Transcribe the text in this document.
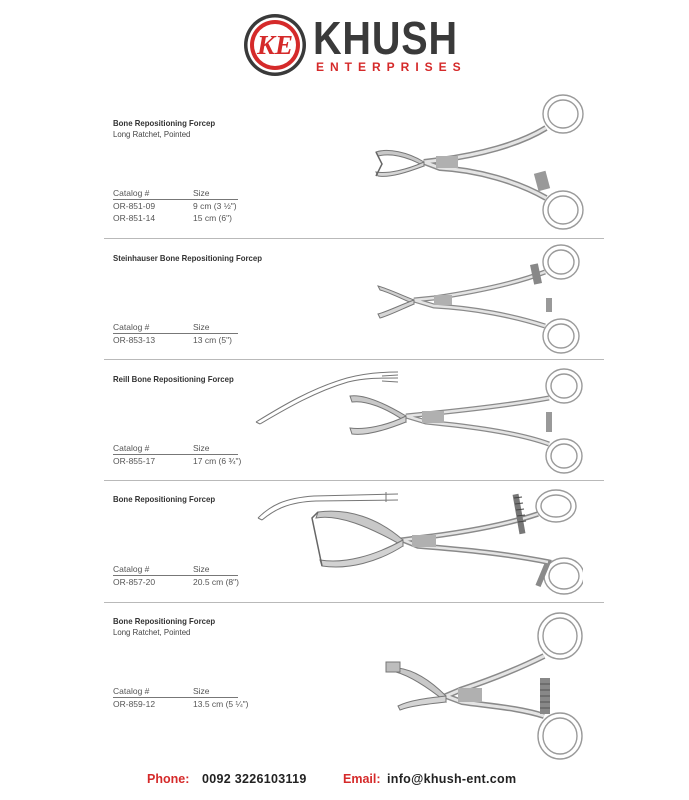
KE KHUSH
ENTERPRISES
Bone Repositioning Forcep
Long Ratchet, Pointed
Catalog #	Size
OR-851-09	9 cm (3 ½")
OR-851-14	15 cm (6")
Steinhauser Bone Repositioning Forcep
Catalog #	Size
OR-853-13	13 cm (5")
Reill Bone Repositioning Forcep
Catalog #	Size
OR-855-17	17 cm (6 ¾")
Bone Repositioning Forcep
Catalog #	Size
OR-857-20	20.5 cm (8")
Bone Repositioning Forcep
Long Ratchet, Pointed
Catalog #	Size
OR-859-12	13.5 cm (5 ¼")
Phone: 0092 3226103119	Email: info@khush-ent.com
